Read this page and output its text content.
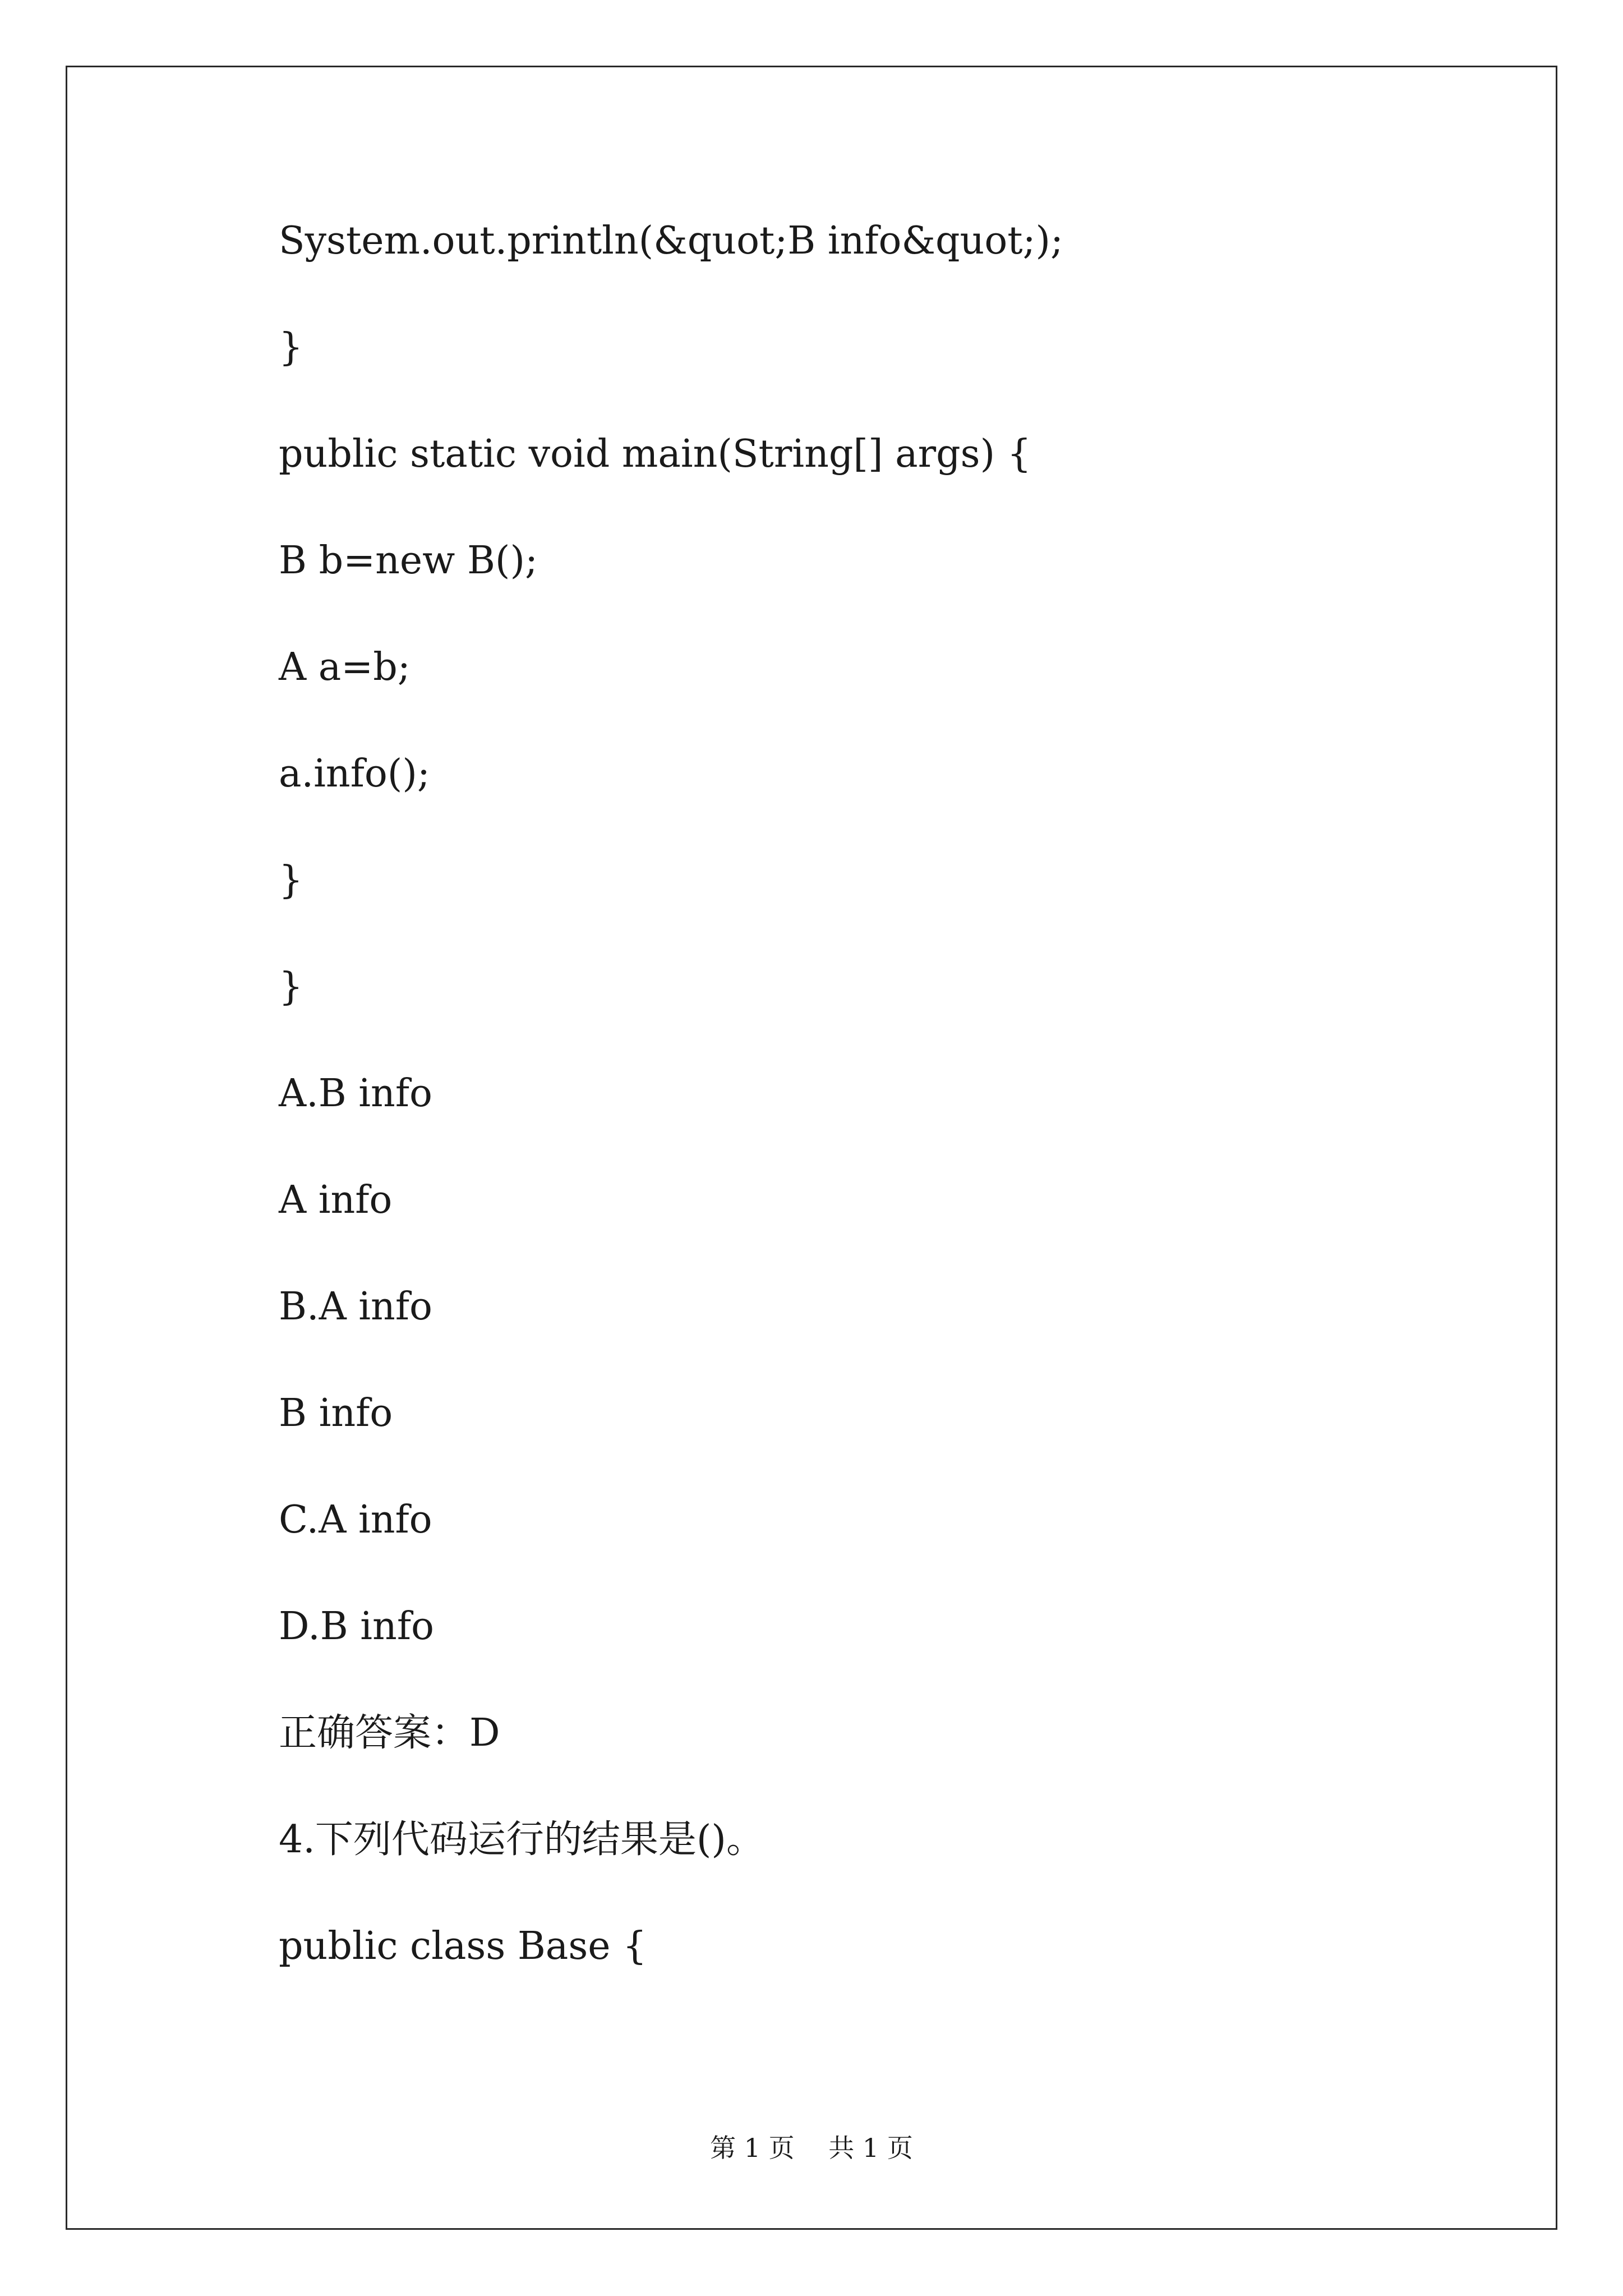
System.out.println(&quot;B info&quot;);
}
public static void main(String[] args) {
B b=new B();
A a=b;
a.info();
}
}
A.B info
A info
B.A info
B info
C.A info
D.B info
正确答案：D
4.下列代码运行的结果是()。
public class Base {
第 1 页　 共 1 页
